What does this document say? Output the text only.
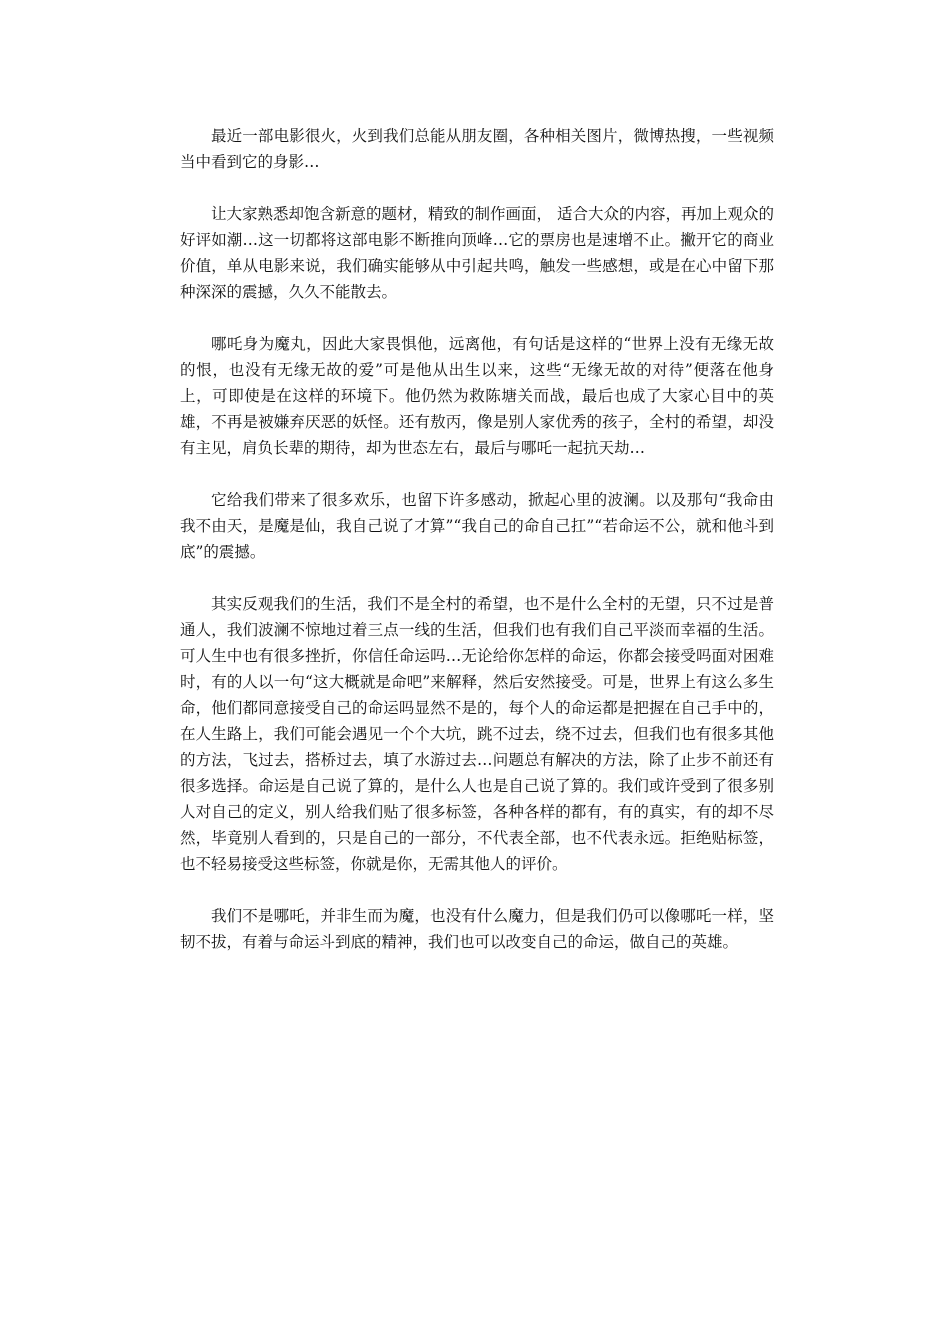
最近一部电影很火，火到我们总能从朋友圈，各种相关图片，微博热搜，一些视频当中看到它的身影…

让大家熟悉却饱含新意的题材，精致的制作画面， 适合大众的内容，再加上观众的好评如潮…这一切都将这部电影不断推向顶峰…它的票房也是速增不止。撇开它的商业价值，单从电影来说，我们确实能够从中引起共鸣，触发一些感想，或是在心中留下那种深深的震撼，久久不能散去。

哪吒身为魔丸，因此大家畏惧他，远离他，有句话是这样的“世界上没有无缘无故的恨，也没有无缘无故的爱”可是他从出生以来，这些“无缘无故的对待”便落在他身上，可即使是在这样的环境下。他仍然为救陈塘关而战，最后也成了大家心目中的英雄，不再是被嫌弃厌恶的妖怪。还有敖丙，像是别人家优秀的孩子，全村的希望，却没有主见，肩负长辈的期待，却为世态左右，最后与哪吒一起抗天劫…

它给我们带来了很多欢乐，也留下许多感动，掀起心里的波澜。以及那句“我命由我不由天，是魔是仙，我自己说了才算”“我自己的命自己扛”“若命运不公，就和他斗到底”的震撼。

其实反观我们的生活，我们不是全村的希望，也不是什么全村的无望，只不过是普通人，我们波澜不惊地过着三点一线的生活，但我们也有我们自己平淡而幸福的生活。可人生中也有很多挫折，你信任命运吗…无论给你怎样的命运，你都会接受吗面对困难时，有的人以一句“这大概就是命吧”来解释，然后安然接受。可是，世界上有这么多生命，他们都同意接受自己的命运吗显然不是的，每个人的命运都是把握在自己手中的，在人生路上，我们可能会遇见一个个大坑，跳不过去，绕不过去，但我们也有很多其他的方法，飞过去，搭桥过去，填了水游过去…问题总有解决的方法，除了止步不前还有很多选择。命运是自己说了算的，是什么人也是自己说了算的。我们或许受到了很多别人对自己的定义，别人给我们贴了很多标签，各种各样的都有，有的真实，有的却不尽然，毕竟别人看到的，只是自己的一部分，不代表全部，也不代表永远。拒绝贴标签，也不轻易接受这些标签，你就是你，无需其他人的评价。

我们不是哪吒，并非生而为魔，也没有什么魔力，但是我们仍可以像哪吒一样，坚韧不拔，有着与命运斗到底的精神，我们也可以改变自己的命运，做自己的英雄。
